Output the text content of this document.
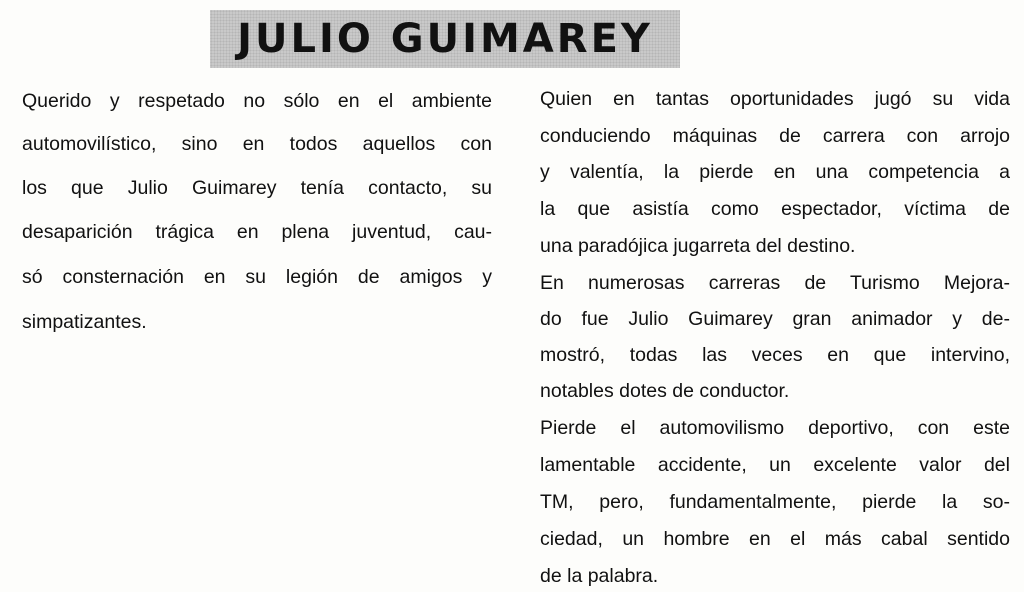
JULIO GUIMAREY
Querido y respetado no sólo en el ambiente
automovilístico, sino en todos aquellos con
los que Julio Guimarey tenía contacto, su
desaparición trágica en plena juventud, cau-
só consternación en su legión de amigos y
simpatizantes.
Quien en tantas oportunidades jugó su vida
conduciendo máquinas de carrera con arrojo
y valentía, la pierde en una competencia a
la que asistía como espectador, víctima de
una paradójica jugarreta del destino.
En numerosas carreras de Turismo Mejora-
do fue Julio Guimarey gran animador y de-
mostró, todas las veces en que intervino,
notables dotes de conductor.
Pierde el automovilismo deportivo, con este
lamentable accidente, un excelente valor del
TM, pero, fundamentalmente, pierde la so-
ciedad, un hombre en el más cabal sentido
de la palabra.
